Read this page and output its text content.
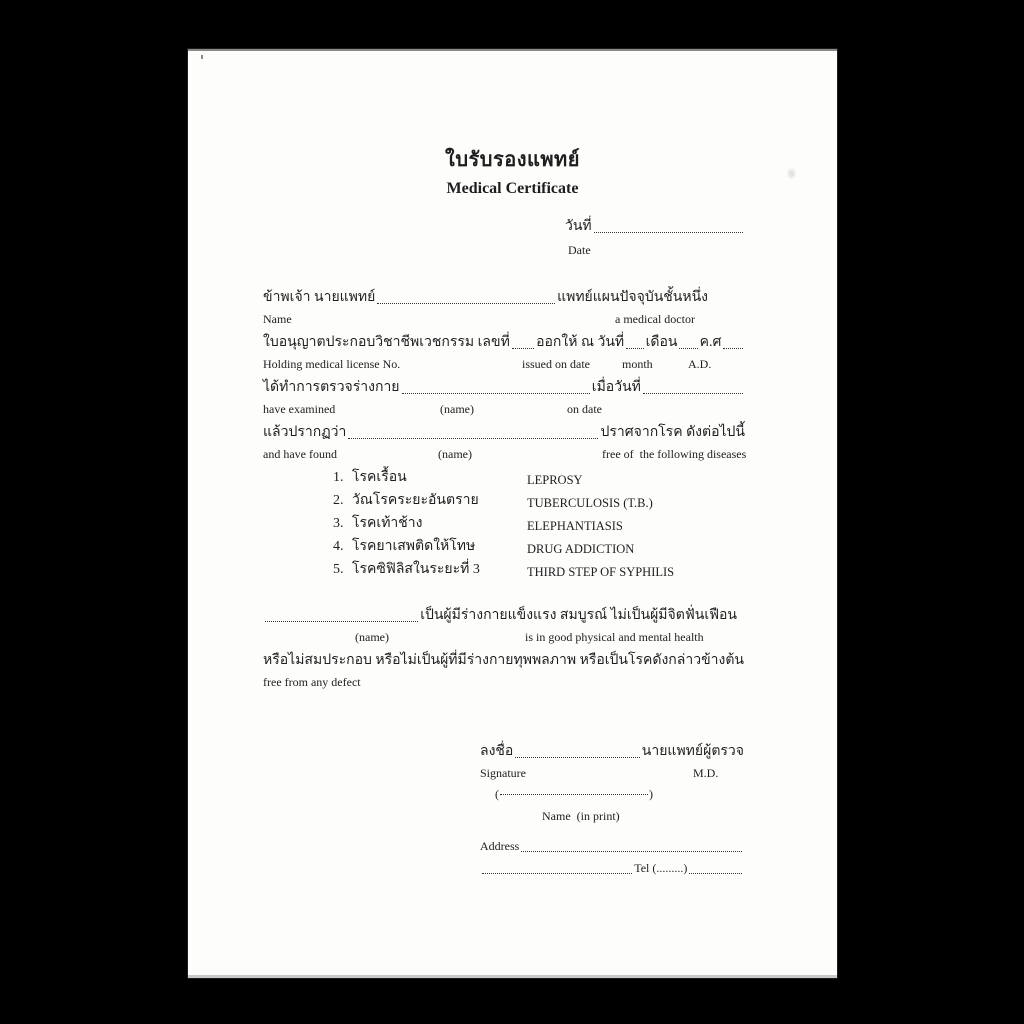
ใบรับรองแพทย์
Medical Certificate
วันที่
Date
ข้าพเจ้า นายแพทย์	แพทย์แผนปัจจุบันชั้นหนึ่ง
Name	a medical doctor
ใบอนุญาตประกอบวิชาชีพเวชกรรม เลขที่ ออกให้ ณ วันที่ เดือน ค.ศ
Holding medical license No.	issued on date	month	A.D.
ได้ทำการตรวจร่างกาย	เมื่อวันที่
have examined	(name)	on date
แล้วปรากฏว่า	ปราศจากโรค ดังต่อไปนี้
and have found	(name)	free of  the following diseases
1. โรคเรื้อน	LEPROSY
2. วัณโรคระยะอันตราย	TUBERCULOSIS (T.B.)
3. โรคเท้าช้าง	ELEPHANTIASIS
4. โรคยาเสพติดให้โทษ	DRUG ADDICTION
5. โรคซิฟิลิสในระยะที่ 3	THIRD STEP OF SYPHILIS
เป็นผู้มีร่างกายแข็งแรง สมบูรณ์ ไม่เป็นผู้มีจิตฟั่นเฟือน
(name)	is in good physical and mental health
หรือไม่สมประกอบ หรือไม่เป็นผู้ที่มีร่างกายทุพพลภาพ หรือเป็นโรคดังกล่าวข้างต้น
free from any defect
ลงชื่อ	นายแพทย์ผู้ตรวจ
Signature	M.D.
(	)
Name  (in print)
Address
Tel (.........)
